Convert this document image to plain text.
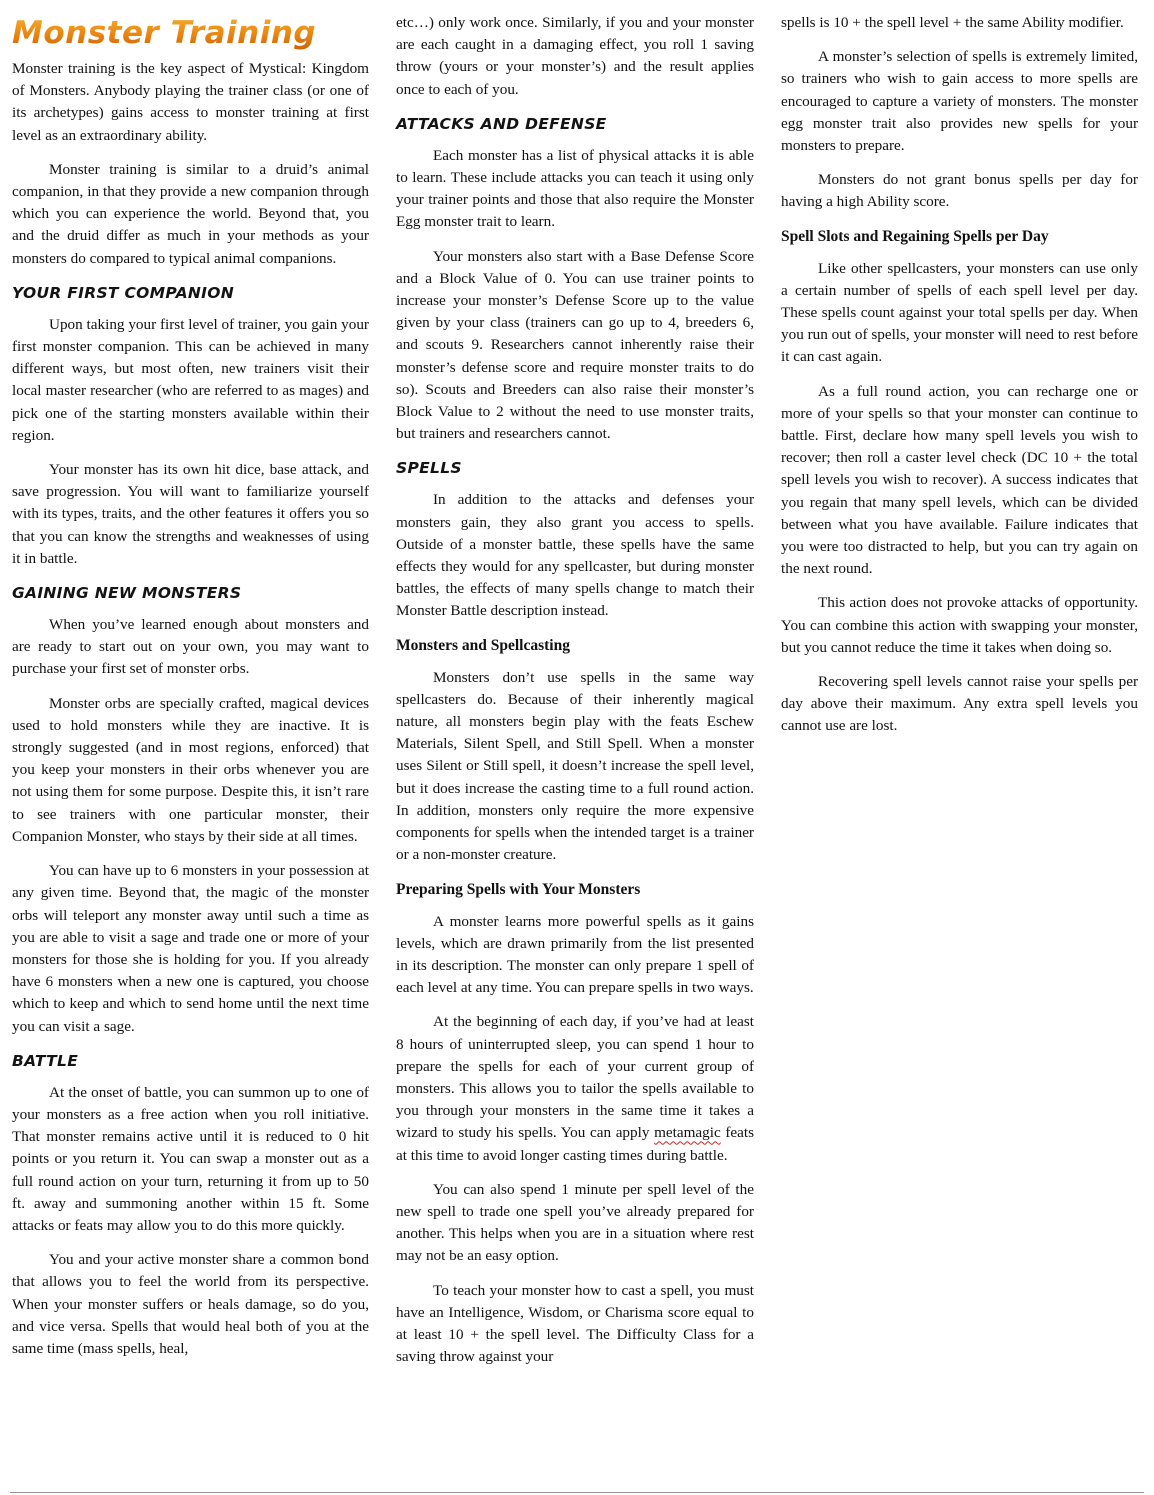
Monster Training

Monster training is the key aspect of Mystical: Kingdom of Monsters. Anybody playing the trainer class (or one of its archetypes) gains access to monster training at first level as an extraordinary ability.

Monster training is similar to a druid’s animal companion, in that they provide a new companion through which you can experience the world. Beyond that, you and the druid differ as much in your methods as your monsters do compared to typical animal companions.

YOUR FIRST COMPANION

Upon taking your first level of trainer, you gain your first monster companion. This can be achieved in many different ways, but most often, new trainers visit their local master researcher (who are referred to as mages) and pick one of the starting monsters available within their region.

Your monster has its own hit dice, base attack, and save progression. You will want to familiarize yourself with its types, traits, and the other features it offers you so that you can know the strengths and weaknesses of using it in battle.

GAINING NEW MONSTERS

When you’ve learned enough about monsters and are ready to start out on your own, you may want to purchase your first set of monster orbs.

Monster orbs are specially crafted, magical devices used to hold monsters while they are inactive. It is strongly suggested (and in most regions, enforced) that you keep your monsters in their orbs whenever you are not using them for some purpose. Despite this, it isn’t rare to see trainers with one particular monster, their Companion Monster, who stays by their side at all times.

You can have up to 6 monsters in your possession at any given time. Beyond that, the magic of the monster orbs will teleport any monster away until such a time as you are able to visit a sage and trade one or more of your monsters for those she is holding for you. If you already have 6 monsters when a new one is captured, you choose which to keep and which to send home until the next time you can visit a sage.

BATTLE

At the onset of battle, you can summon up to one of your monsters as a free action when you roll initiative. That monster remains active until it is reduced to 0 hit points or you return it. You can swap a monster out as a full round action on your turn, returning it from up to 50 ft. away and summoning another within 15 ft. Some attacks or feats may allow you to do this more quickly.

You and your active monster share a common bond that allows you to feel the world from its perspective. When your monster suffers or heals damage, so do you, and vice versa. Spells that would heal both of you at the same time (mass spells, heal,

etc…) only work once. Similarly, if you and your monster are each caught in a damaging effect, you roll 1 saving throw (yours or your monster’s) and the result applies once to each of you.

ATTACKS AND DEFENSE

Each monster has a list of physical attacks it is able to learn. These include attacks you can teach it using only your trainer points and those that also require the Monster Egg monster trait to learn.

Your monsters also start with a Base Defense Score and a Block Value of 0. You can use trainer points to increase your monster’s Defense Score up to the value given by your class (trainers can go up to 4, breeders 6, and scouts 9. Researchers cannot inherently raise their monster’s defense score and require monster traits to do so). Scouts and Breeders can also raise their monster’s Block Value to 2 without the need to use monster traits, but trainers and researchers cannot.

SPELLS

In addition to the attacks and defenses your monsters gain, they also grant you access to spells. Outside of a monster battle, these spells have the same effects they would for any spellcaster, but during monster battles, the effects of many spells change to match their Monster Battle description instead.

Monsters and Spellcasting

Monsters don’t use spells in the same way spellcasters do. Because of their inherently magical nature, all monsters begin play with the feats Eschew Materials, Silent Spell, and Still Spell. When a monster uses Silent or Still spell, it doesn’t increase the spell level, but it does increase the casting time to a full round action. In addition, monsters only require the more expensive components for spells when the intended target is a trainer or a non-monster creature.

Preparing Spells with Your Monsters

A monster learns more powerful spells as it gains levels, which are drawn primarily from the list presented in its description. The monster can only prepare 1 spell of each level at any time. You can prepare spells in two ways.

At the beginning of each day, if you’ve had at least 8 hours of uninterrupted sleep, you can spend 1 hour to prepare the spells for each of your current group of monsters. This allows you to tailor the spells available to you through your monsters in the same time it takes a wizard to study his spells. You can apply metamagic feats at this time to avoid longer casting times during battle.

You can also spend 1 minute per spell level of the new spell to trade one spell you’ve already prepared for another. This helps when you are in a situation where rest may not be an easy option.

To teach your monster how to cast a spell, you must have an Intelligence, Wisdom, or Charisma score equal to at least 10 + the spell level. The Difficulty Class for a saving throw against your

spells is 10 + the spell level + the same Ability modifier.

A monster’s selection of spells is extremely limited, so trainers who wish to gain access to more spells are encouraged to capture a variety of monsters. The monster egg monster trait also provides new spells for your monsters to prepare.

Monsters do not grant bonus spells per day for having a high Ability score.

Spell Slots and Regaining Spells per Day

Like other spellcasters, your monsters can use only a certain number of spells of each spell level per day. These spells count against your total spells per day. When you run out of spells, your monster will need to rest before it can cast again.

As a full round action, you can recharge one or more of your spells so that your monster can continue to battle. First, declare how many spell levels you wish to recover; then roll a caster level check (DC 10 + the total spell levels you wish to recover). A success indicates that you regain that many spell levels, which can be divided between what you have available. Failure indicates that you were too distracted to help, but you can try again on the next round.

This action does not provoke attacks of opportunity. You can combine this action with swapping your monster, but you cannot reduce the time it takes when doing so.

Recovering spell levels cannot raise your spells per day above their maximum. Any extra spell levels you cannot use are lost.
